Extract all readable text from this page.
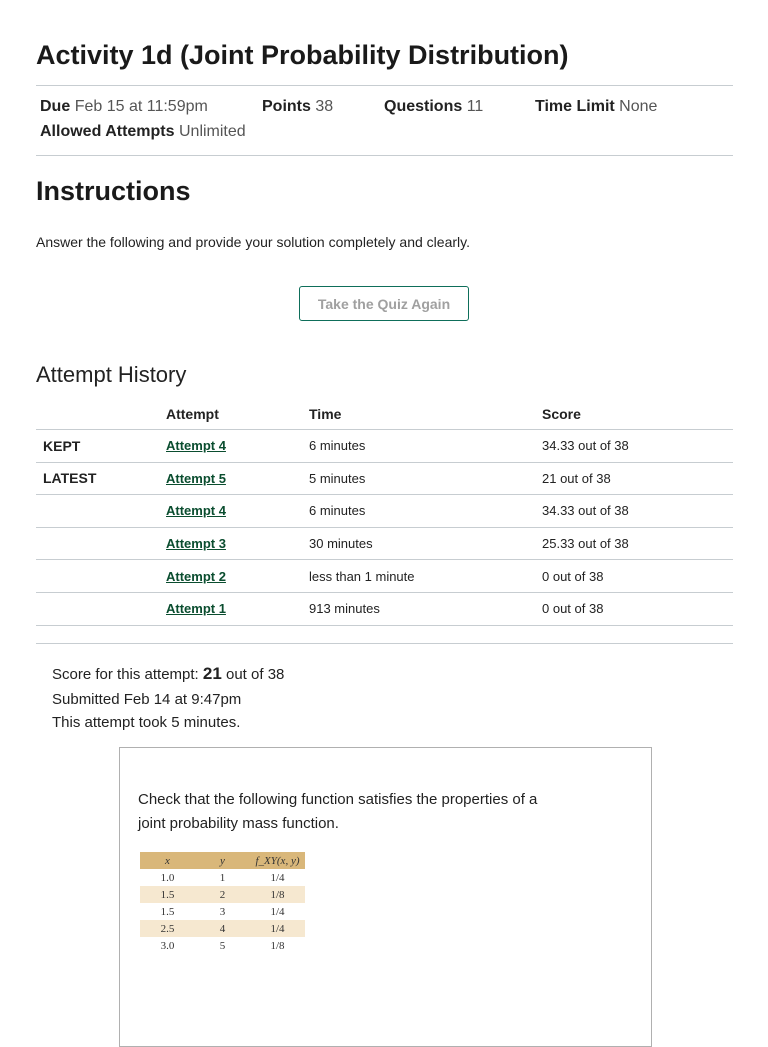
Activity 1d (Joint Probability Distribution)
Due Feb 15 at 11:59pm	Points 38	Questions 11	Time Limit None
Allowed Attempts Unlimited
Instructions
Answer the following and provide your solution completely and clearly.
Take the Quiz Again
Attempt History
	Attempt	Time	Score
KEPT	Attempt 4	6 minutes	34.33 out of 38
LATEST	Attempt 5	5 minutes	21 out of 38
	Attempt 4	6 minutes	34.33 out of 38
	Attempt 3	30 minutes	25.33 out of 38
	Attempt 2	less than 1 minute	0 out of 38
	Attempt 1	913 minutes	0 out of 38
Score for this attempt: 21 out of 38
Submitted Feb 14 at 9:47pm
This attempt took 5 minutes.
Check that the following function satisfies the properties of a joint probability mass function.
x	y	f_XY(x, y)
1.0	1	1/4
1.5	2	1/8
1.5	3	1/4
2.5	4	1/4
3.0	5	1/8
